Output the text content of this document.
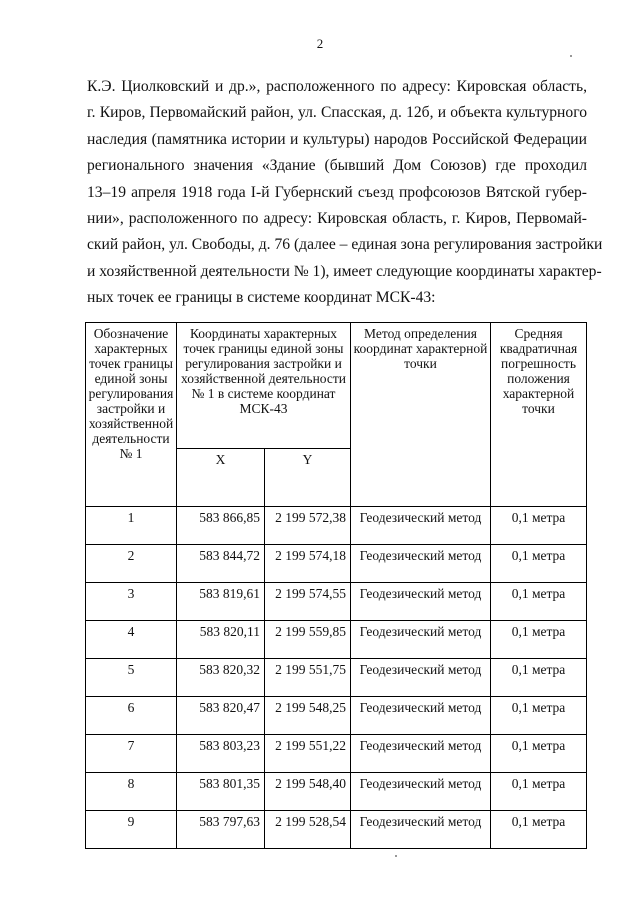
2
К.Э. Циолковский и др.», расположенного по адресу: Кировская область,
г. Киров, Первомайский район, ул. Спасская, д. 12б, и объекта культурного
наследия (памятника истории и культуры) народов Российской Федерации
регионального значения «Здание (бывший Дом Союзов) где проходил
13–19 апреля 1918 года I-й Губернский съезд профсоюзов Вятской губер-
нии», расположенного по адресу: Кировская область, г. Киров, Первомай-
ский район, ул. Свободы, д. 76 (далее – единая зона регулирования застройки
и хозяйственной деятельности № 1), имеет следующие координаты характер-
ных точек ее границы в системе координат МСК-43:
Обозначение характерных точек границы единой зоны регулирования застройки и хозяйственной деятельности № 1	Координаты характерных точек границы единой зоны регулирования застройки и хозяйственной деятельности № 1 в системе координат МСК-43		Метод определения координат характерной точки	Средняя квадратичная погрешность положения характерной точки
	X	Y		
1	583 866,85	2 199 572,38	Геодезический метод	0,1 метра
2	583 844,72	2 199 574,18	Геодезический метод	0,1 метра
3	583 819,61	2 199 574,55	Геодезический метод	0,1 метра
4	583 820,11	2 199 559,85	Геодезический метод	0,1 метра
5	583 820,32	2 199 551,75	Геодезический метод	0,1 метра
6	583 820,47	2 199 548,25	Геодезический метод	0,1 метра
7	583 803,23	2 199 551,22	Геодезический метод	0,1 метра
8	583 801,35	2 199 548,40	Геодезический метод	0,1 метра
9	583 797,63	2 199 528,54	Геодезический метод	0,1 метра
